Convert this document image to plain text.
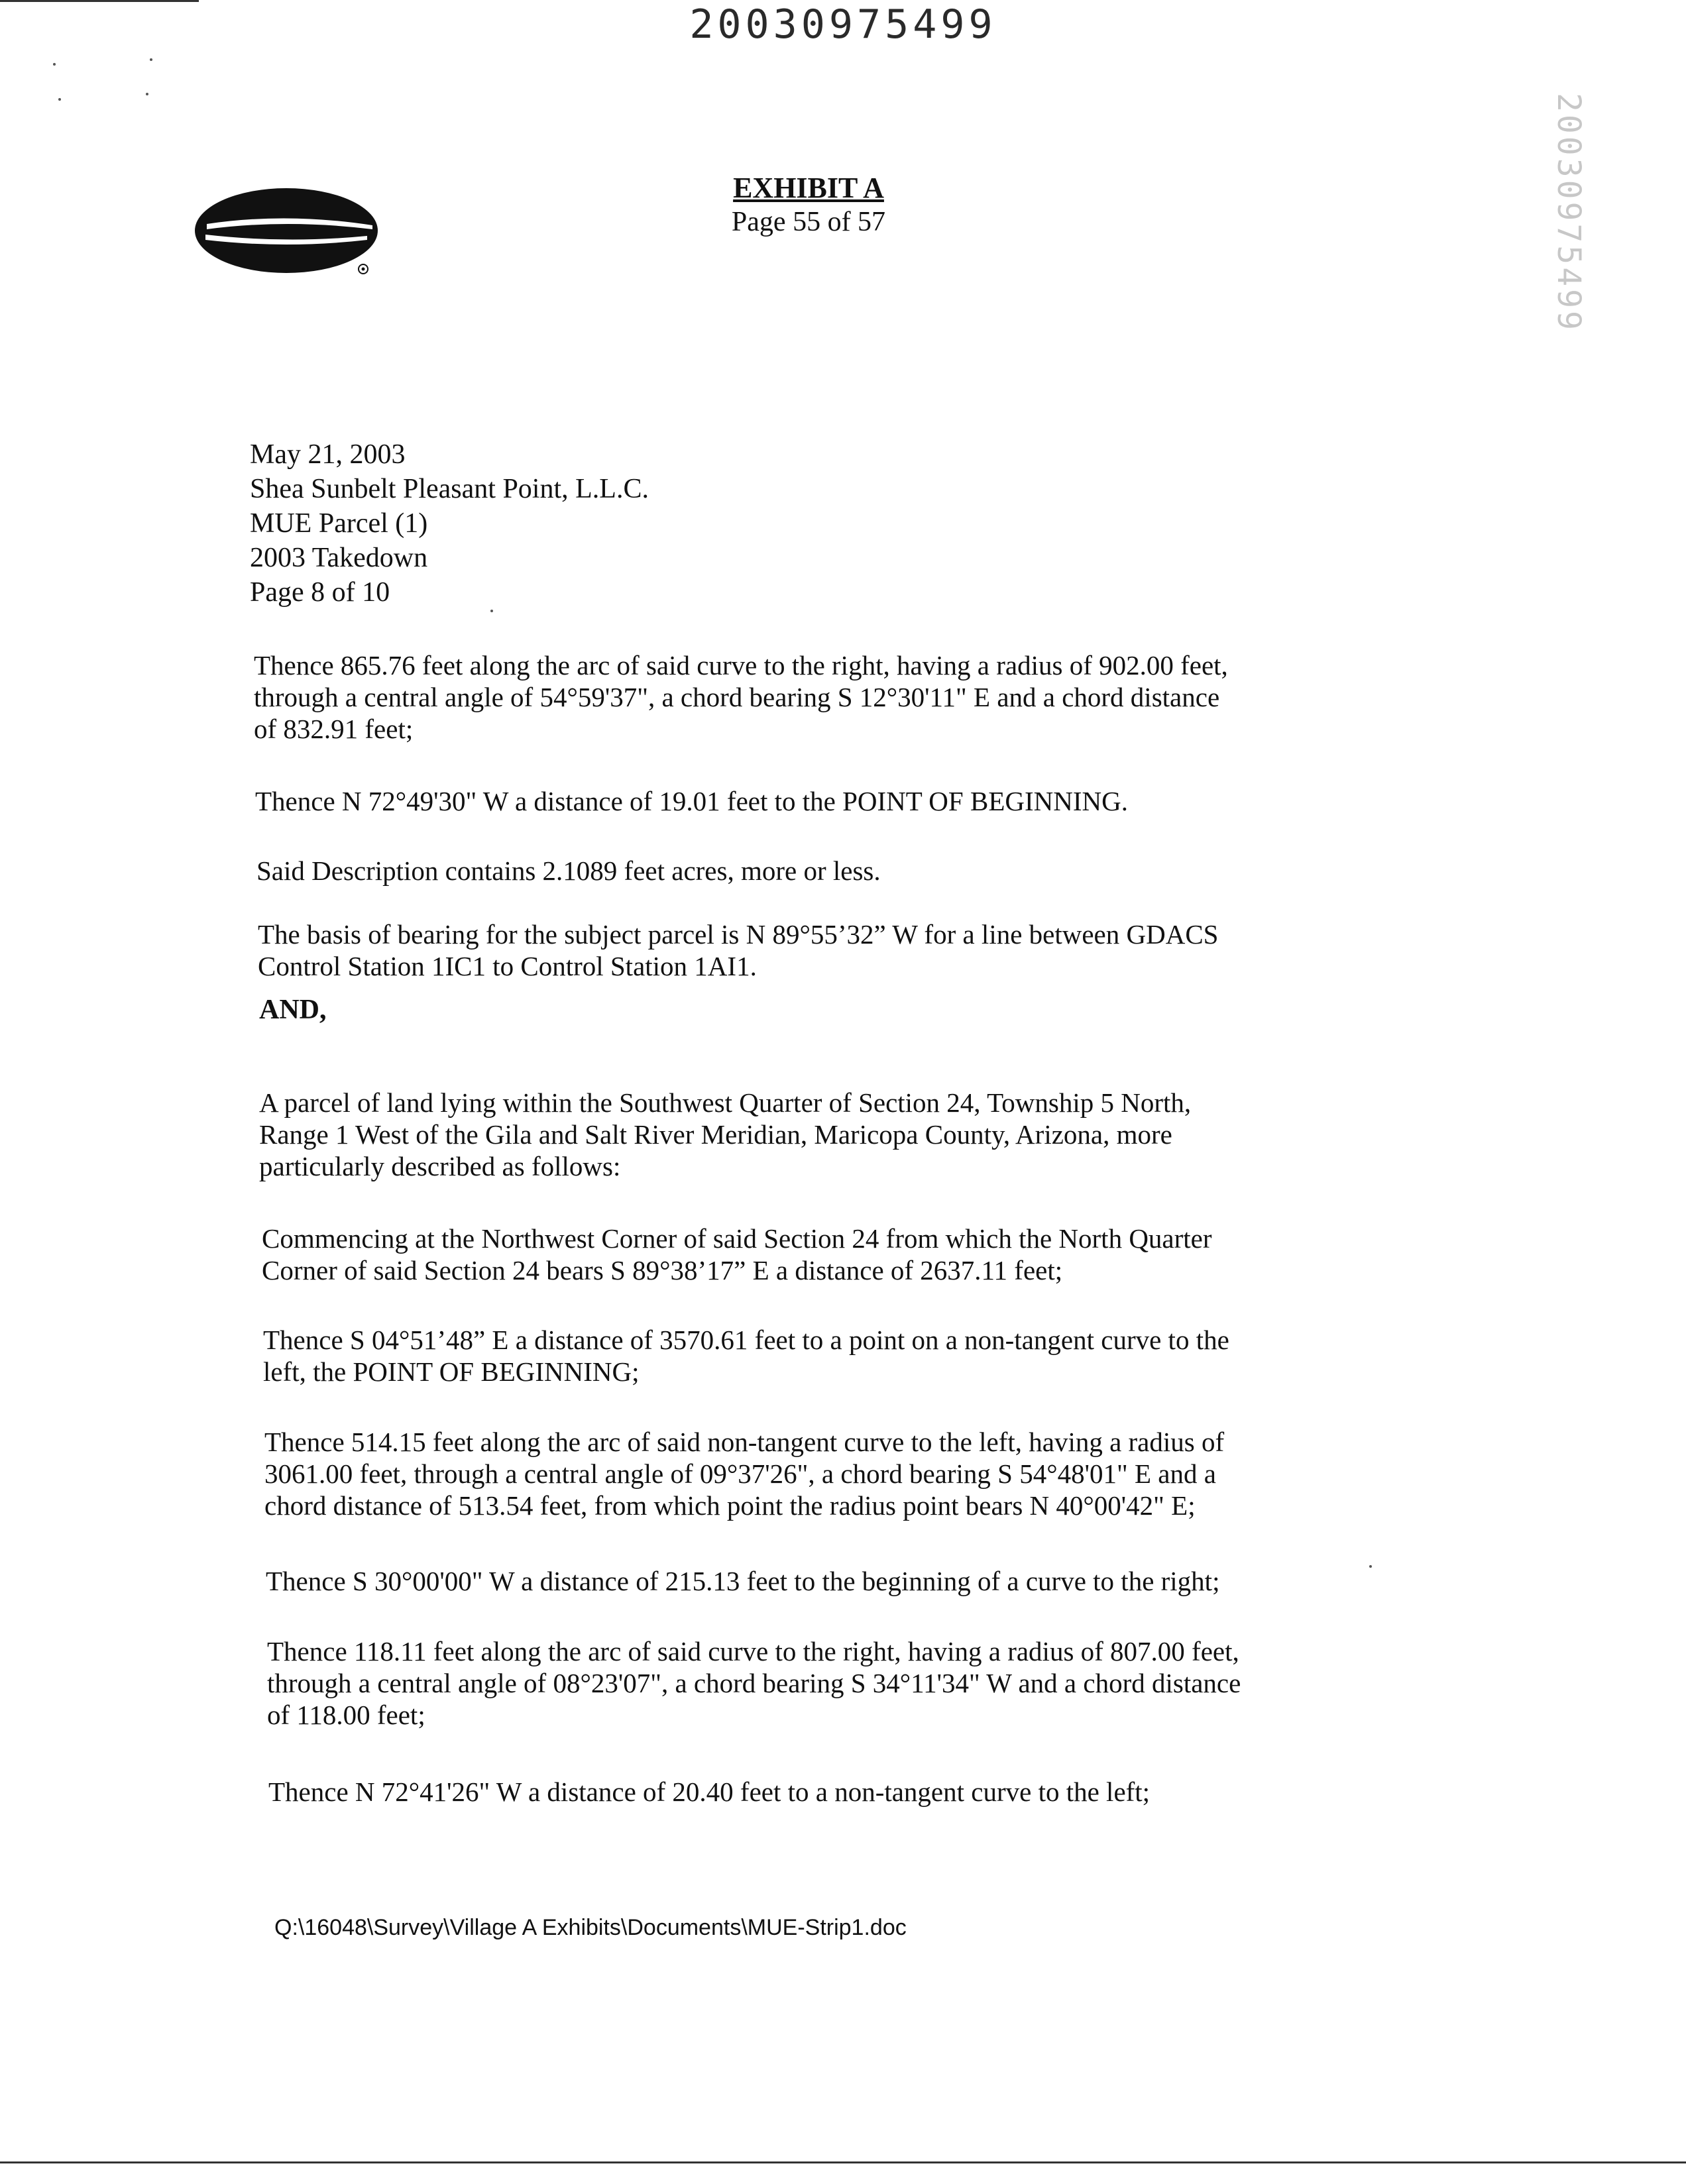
20030975499
20030975499
EXHIBIT A
Page 55 of 57
May 21, 2003
Shea Sunbelt Pleasant Point, L.L.C.
MUE Parcel (1)
2003 Takedown
Page 8 of 10
Thence 865.76 feet along the arc of said curve to the right, having a radius of 902.00 feet,
through a central angle of 54°59'37", a chord bearing S 12°30'11" E and a chord distance
of 832.91 feet;
Thence N 72°49'30" W a distance of 19.01 feet to the POINT OF BEGINNING.
Said Description contains 2.1089 feet acres, more or less.
The basis of bearing for the subject parcel is N 89°55’32” W for a line between GDACS
Control Station 1IC1 to Control Station 1AI1.
AND,
A parcel of land lying within the Southwest Quarter of Section 24, Township 5 North,
Range 1 West of the Gila and Salt River Meridian, Maricopa County, Arizona, more
particularly described as follows:
Commencing at the Northwest Corner of said Section 24 from which the North Quarter
Corner of said Section 24 bears S 89°38’17” E a distance of 2637.11 feet;
Thence S 04°51’48” E a distance of 3570.61 feet to a point on a non-tangent curve to the
left, the POINT OF BEGINNING;
Thence 514.15 feet along the arc of said non-tangent curve to the left, having a radius of
3061.00 feet, through a central angle of 09°37'26", a chord bearing S 54°48'01" E and a
chord distance of 513.54 feet, from which point the radius point bears N 40°00'42" E;
Thence S 30°00'00" W a distance of 215.13 feet to the beginning of a curve to the right;
Thence 118.11 feet along the arc of said curve to the right, having a radius of 807.00 feet,
through a central angle of 08°23'07", a chord bearing S 34°11'34" W and a chord distance
of 118.00 feet;
Thence N 72°41'26" W a distance of 20.40 feet to a non-tangent curve to the left;
Q:\16048\Survey\Village A Exhibits\Documents\MUE-Strip1.doc
